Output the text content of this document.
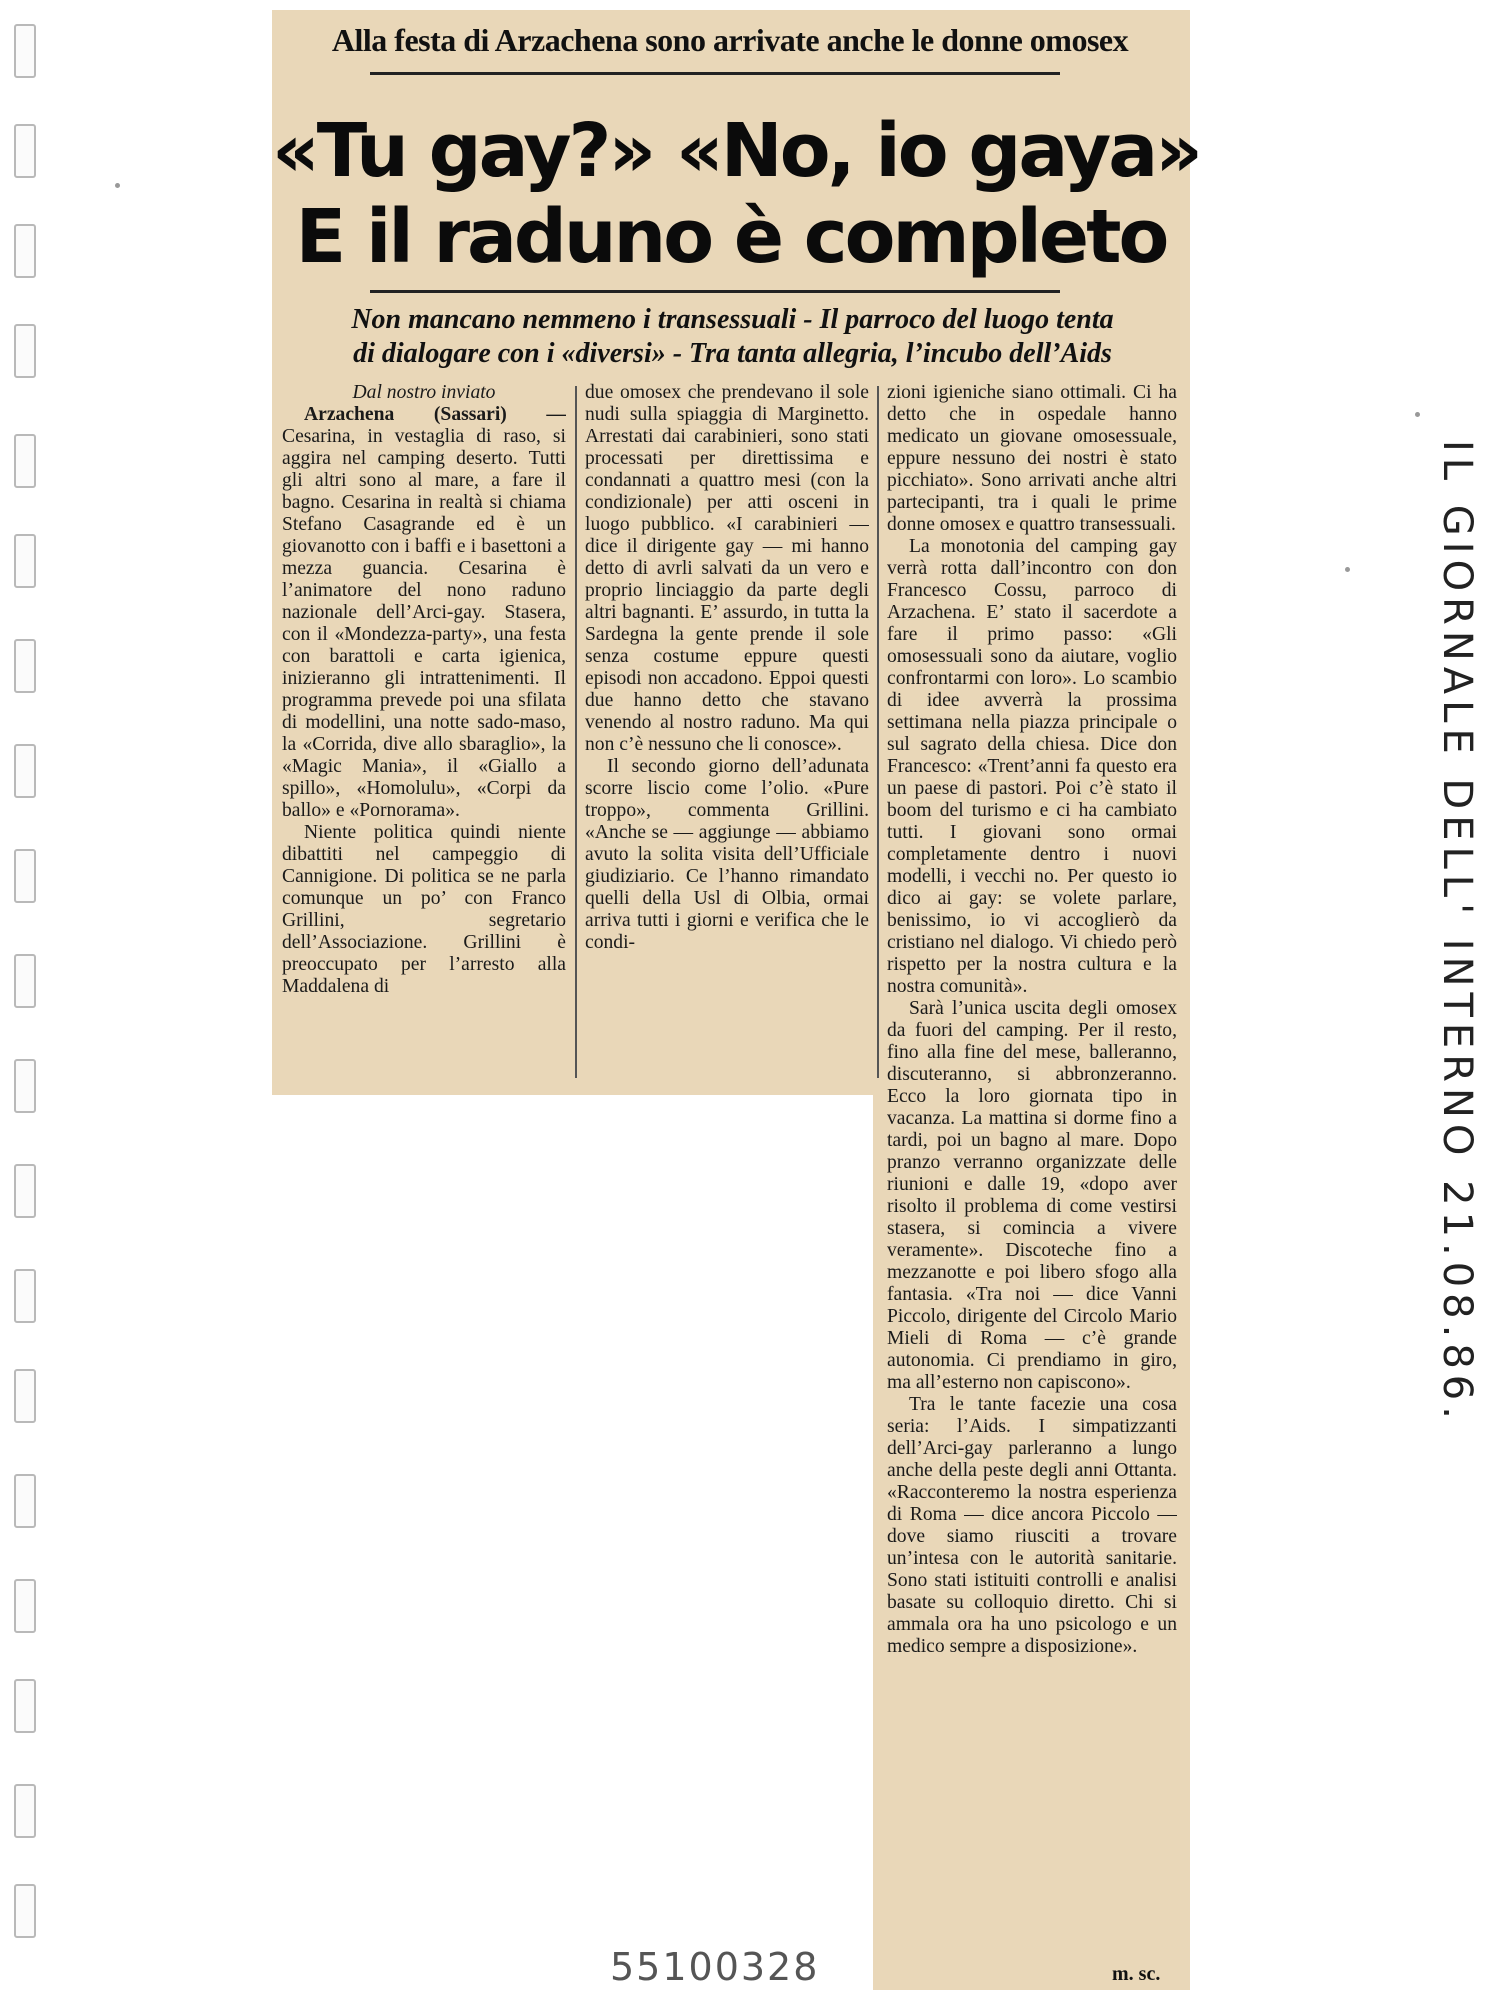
Alla festa di Arzachena sono arrivate anche le donne omosex
«Tu gay?» «No, io gaya»
E il raduno è completo
Non mancano nemmeno i transessuali - Il parroco del luogo tenta
di dialogare con i «diversi» - Tra tanta allegria, l’incubo dell’Aids
Dal nostro inviato

Arzachena (Sassari) — Cesarina, in vestaglia di raso, si aggira nel camping deserto. Tutti gli altri sono al mare, a fare il bagno. Cesarina in realtà si chiama Stefano Casagrande ed è un giovanotto con i baffi e i basettoni a mezza guancia. Cesarina è l’animatore del nono raduno nazionale dell’Arci-gay. Stasera, con il «Mondezza-party», una festa con barattoli e carta igienica, inizieranno gli intrattenimenti. Il programma prevede poi una sfilata di modellini, una notte sado-maso, la «Corrida, dive allo sbaraglio», la «Magic Mania», il «Giallo a spillo», «Homolulu», «Corpi da ballo» e «Pornorama».

Niente politica quindi niente dibattiti nel campeggio di Cannigione. Di politica se ne parla comunque un po’ con Franco Grillini, segretario dell’Associazione. Grillini è preoccupato per l’arresto alla Maddalena di

due omosex che prendevano il sole nudi sulla spiaggia di Marginetto. Arrestati dai carabinieri, sono stati processati per direttissima e condannati a quattro mesi (con la condizionale) per atti osceni in luogo pubblico. «I carabinieri — dice il dirigente gay — mi hanno detto di avrli salvati da un vero e proprio linciaggio da parte degli altri bagnanti. E’ assurdo, in tutta la Sardegna la gente prende il sole senza costume eppure questi episodi non accadono. Eppoi questi due hanno detto che stavano venendo al nostro raduno. Ma qui non c’è nessuno che li conosce».

Il secondo giorno dell’adunata scorre liscio come l’olio. «Pure troppo», commenta Grillini. «Anche se — aggiunge — abbiamo avuto la solita visita dell’Ufficiale giudiziario. Ce l’hanno rimandato quelli della Usl di Olbia, ormai arriva tutti i giorni e verifica che le condi-

zioni igieniche siano ottimali. Ci ha detto che in ospedale hanno medicato un giovane omosessuale, eppure nessuno dei nostri è stato picchiato». Sono arrivati anche altri partecipanti, tra i quali le prime donne omosex e quattro transessuali.

La monotonia del camping gay verrà rotta dall’incontro con don Francesco Cossu, parroco di Arzachena. E’ stato il sacerdote a fare il primo passo: «Gli omosessuali sono da aiutare, voglio confrontarmi con loro». Lo scambio di idee avverrà la prossima settimana nella piazza principale o sul sagrato della chiesa. Dice don Francesco: «Trent’anni fa questo era un paese di pastori. Poi c’è stato il boom del turismo e ci ha cambiato tutti. I giovani sono ormai completamente dentro i nuovi modelli, i vecchi no. Per questo io dico ai gay: se volete parlare, benissimo, io vi accoglierò da cristiano nel dialogo. Vi chiedo però rispetto per la nostra cultura e la nostra comunità».

Sarà l’unica uscita degli omosex da fuori del camping. Per il resto, fino alla fine del mese, balleranno, discuteranno, si abbronzeranno. Ecco la loro giornata tipo in vacanza. La mattina si dorme fino a tardi, poi un bagno al mare. Dopo pranzo verranno organizzate delle riunioni e dalle 19, «dopo aver risolto il problema di come vestirsi stasera, si comincia a vivere veramente». Discoteche fino a mezzanotte e poi libero sfogo alla fantasia. «Tra noi — dice Vanni Piccolo, dirigente del Circolo Mario Mieli di Roma — c’è grande autonomia. Ci prendiamo in giro, ma all’esterno non capiscono».

Tra le tante facezie una cosa seria: l’Aids. I simpatizzanti dell’Arci-gay parleranno a lungo anche della peste degli anni Ottanta. «Racconteremo la nostra esperienza di Roma — dice ancora Piccolo — dove siamo riusciti a trovare un’intesa con le autorità sanitarie. Sono stati istituiti controlli e analisi basate su colloquio diretto. Chi si ammala ora ha uno psicologo e un medico sempre a disposizione».

m. sc.
IL GIORNALE DELL' INTERNO 21.08.86.
55100328
